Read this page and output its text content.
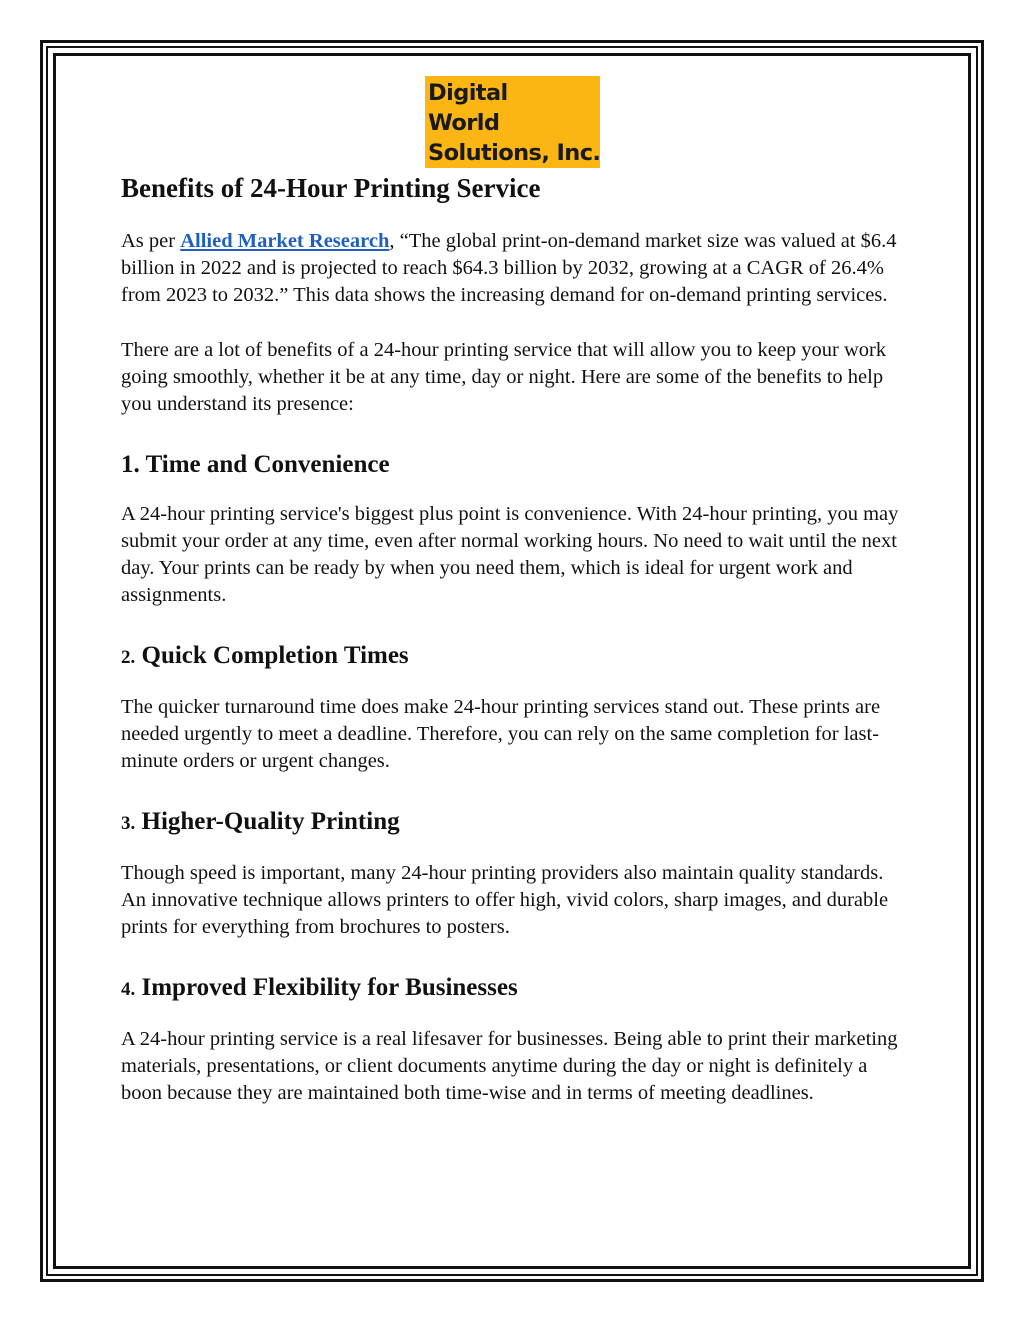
Digital
World
Solutions, Inc.
Benefits of 24-Hour Printing Service

As per Allied Market Research, “The global print-on-demand market size was valued at $6.4 billion in 2022 and is projected to reach $64.3 billion by 2032, growing at a CAGR of 26.4% from 2023 to 2032.” This data shows the increasing demand for on-demand printing services.

There are a lot of benefits of a 24-hour printing service that will allow you to keep your work going smoothly, whether it be at any time, day or night. Here are some of the benefits to help you understand its presence:

1. Time and Convenience

A 24-hour printing service's biggest plus point is convenience. With 24-hour printing, you may submit your order at any time, even after normal working hours. No need to wait until the next day. Your prints can be ready by when you need them, which is ideal for urgent work and assignments.

2. Quick Completion Times

The quicker turnaround time does make 24-hour printing services stand out. These prints are needed urgently to meet a deadline. Therefore, you can rely on the same completion for last-minute orders or urgent changes.

3. Higher-Quality Printing

Though speed is important, many 24-hour printing providers also maintain quality standards. An innovative technique allows printers to offer high, vivid colors, sharp images, and durable prints for everything from brochures to posters.

4. Improved Flexibility for Businesses

A 24-hour printing service is a real lifesaver for businesses. Being able to print their marketing materials, presentations, or client documents anytime during the day or night is definitely a boon because they are maintained both time-wise and in terms of meeting deadlines.
